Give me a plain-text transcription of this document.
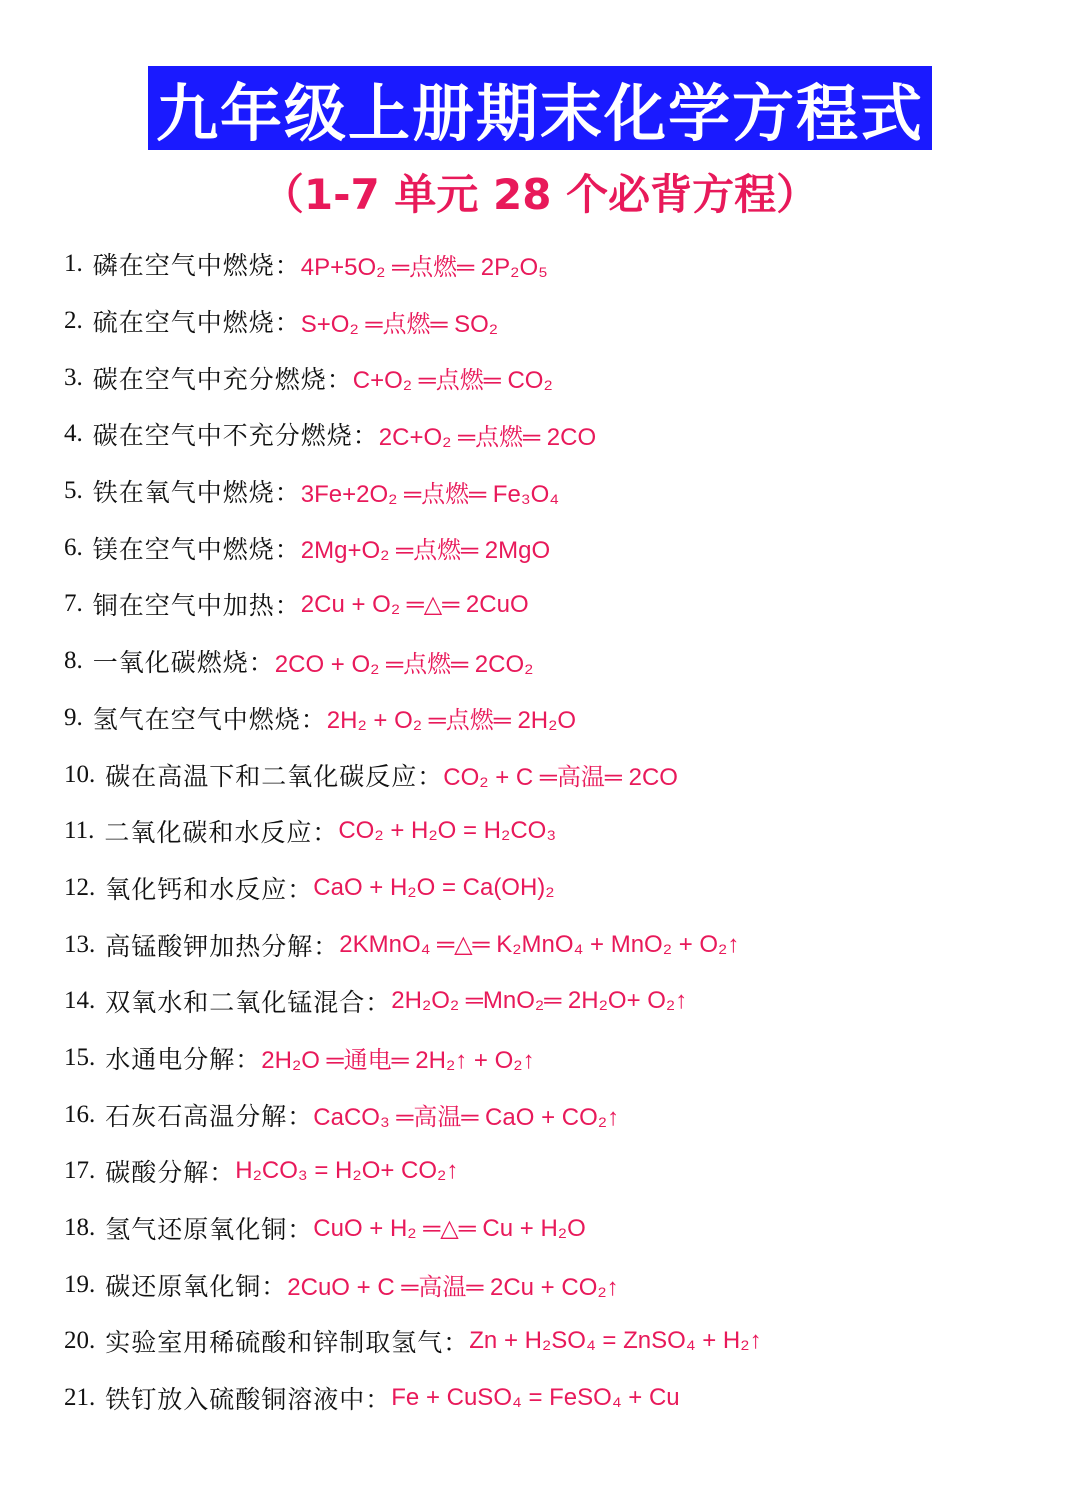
九年级上册期末化学方程式
（1-7 单元 28 个必背方程）
1. 磷在空气中燃烧： 4P+5O₂ ═点燃═ 2P₂O₅
2. 硫在空气中燃烧： S+O₂ ═点燃═ SO₂
3. 碳在空气中充分燃烧： C+O₂ ═点燃═ CO₂
4. 碳在空气中不充分燃烧： 2C+O₂ ═点燃═ 2CO
5. 铁在氧气中燃烧： 3Fe+2O₂ ═点燃═ Fe₃O₄
6. 镁在空气中燃烧： 2Mg+O₂ ═点燃═ 2MgO
7. 铜在空气中加热： 2Cu + O₂ ═△═ 2CuO
8. 一氧化碳燃烧： 2CO + O₂ ═点燃═ 2CO₂
9. 氢气在空气中燃烧： 2H₂ + O₂ ═点燃═ 2H₂O
10. 碳在高温下和二氧化碳反应： CO₂ + C ═高温═ 2CO
11. 二氧化碳和水反应： CO₂ + H₂O = H₂CO₃
12. 氧化钙和水反应： CaO + H₂O = Ca(OH)₂
13. 高锰酸钾加热分解： 2KMnO₄ ═△═ K₂MnO₄ + MnO₂ + O₂↑
14. 双氧水和二氧化锰混合： 2H₂O₂ ═MnO₂═ 2H₂O+ O₂↑
15. 水通电分解： 2H₂O ═通电═ 2H₂↑ + O₂↑
16. 石灰石高温分解： CaCO₃ ═高温═ CaO + CO₂↑
17. 碳酸分解： H₂CO₃ = H₂O+ CO₂↑
18. 氢气还原氧化铜： CuO + H₂ ═△═ Cu + H₂O
19. 碳还原氧化铜： 2CuO + C ═高温═ 2Cu + CO₂↑
20. 实验室用稀硫酸和锌制取氢气： Zn + H₂SO₄ = ZnSO₄ + H₂↑
21. 铁钉放入硫酸铜溶液中： Fe + CuSO₄ = FeSO₄ + Cu
